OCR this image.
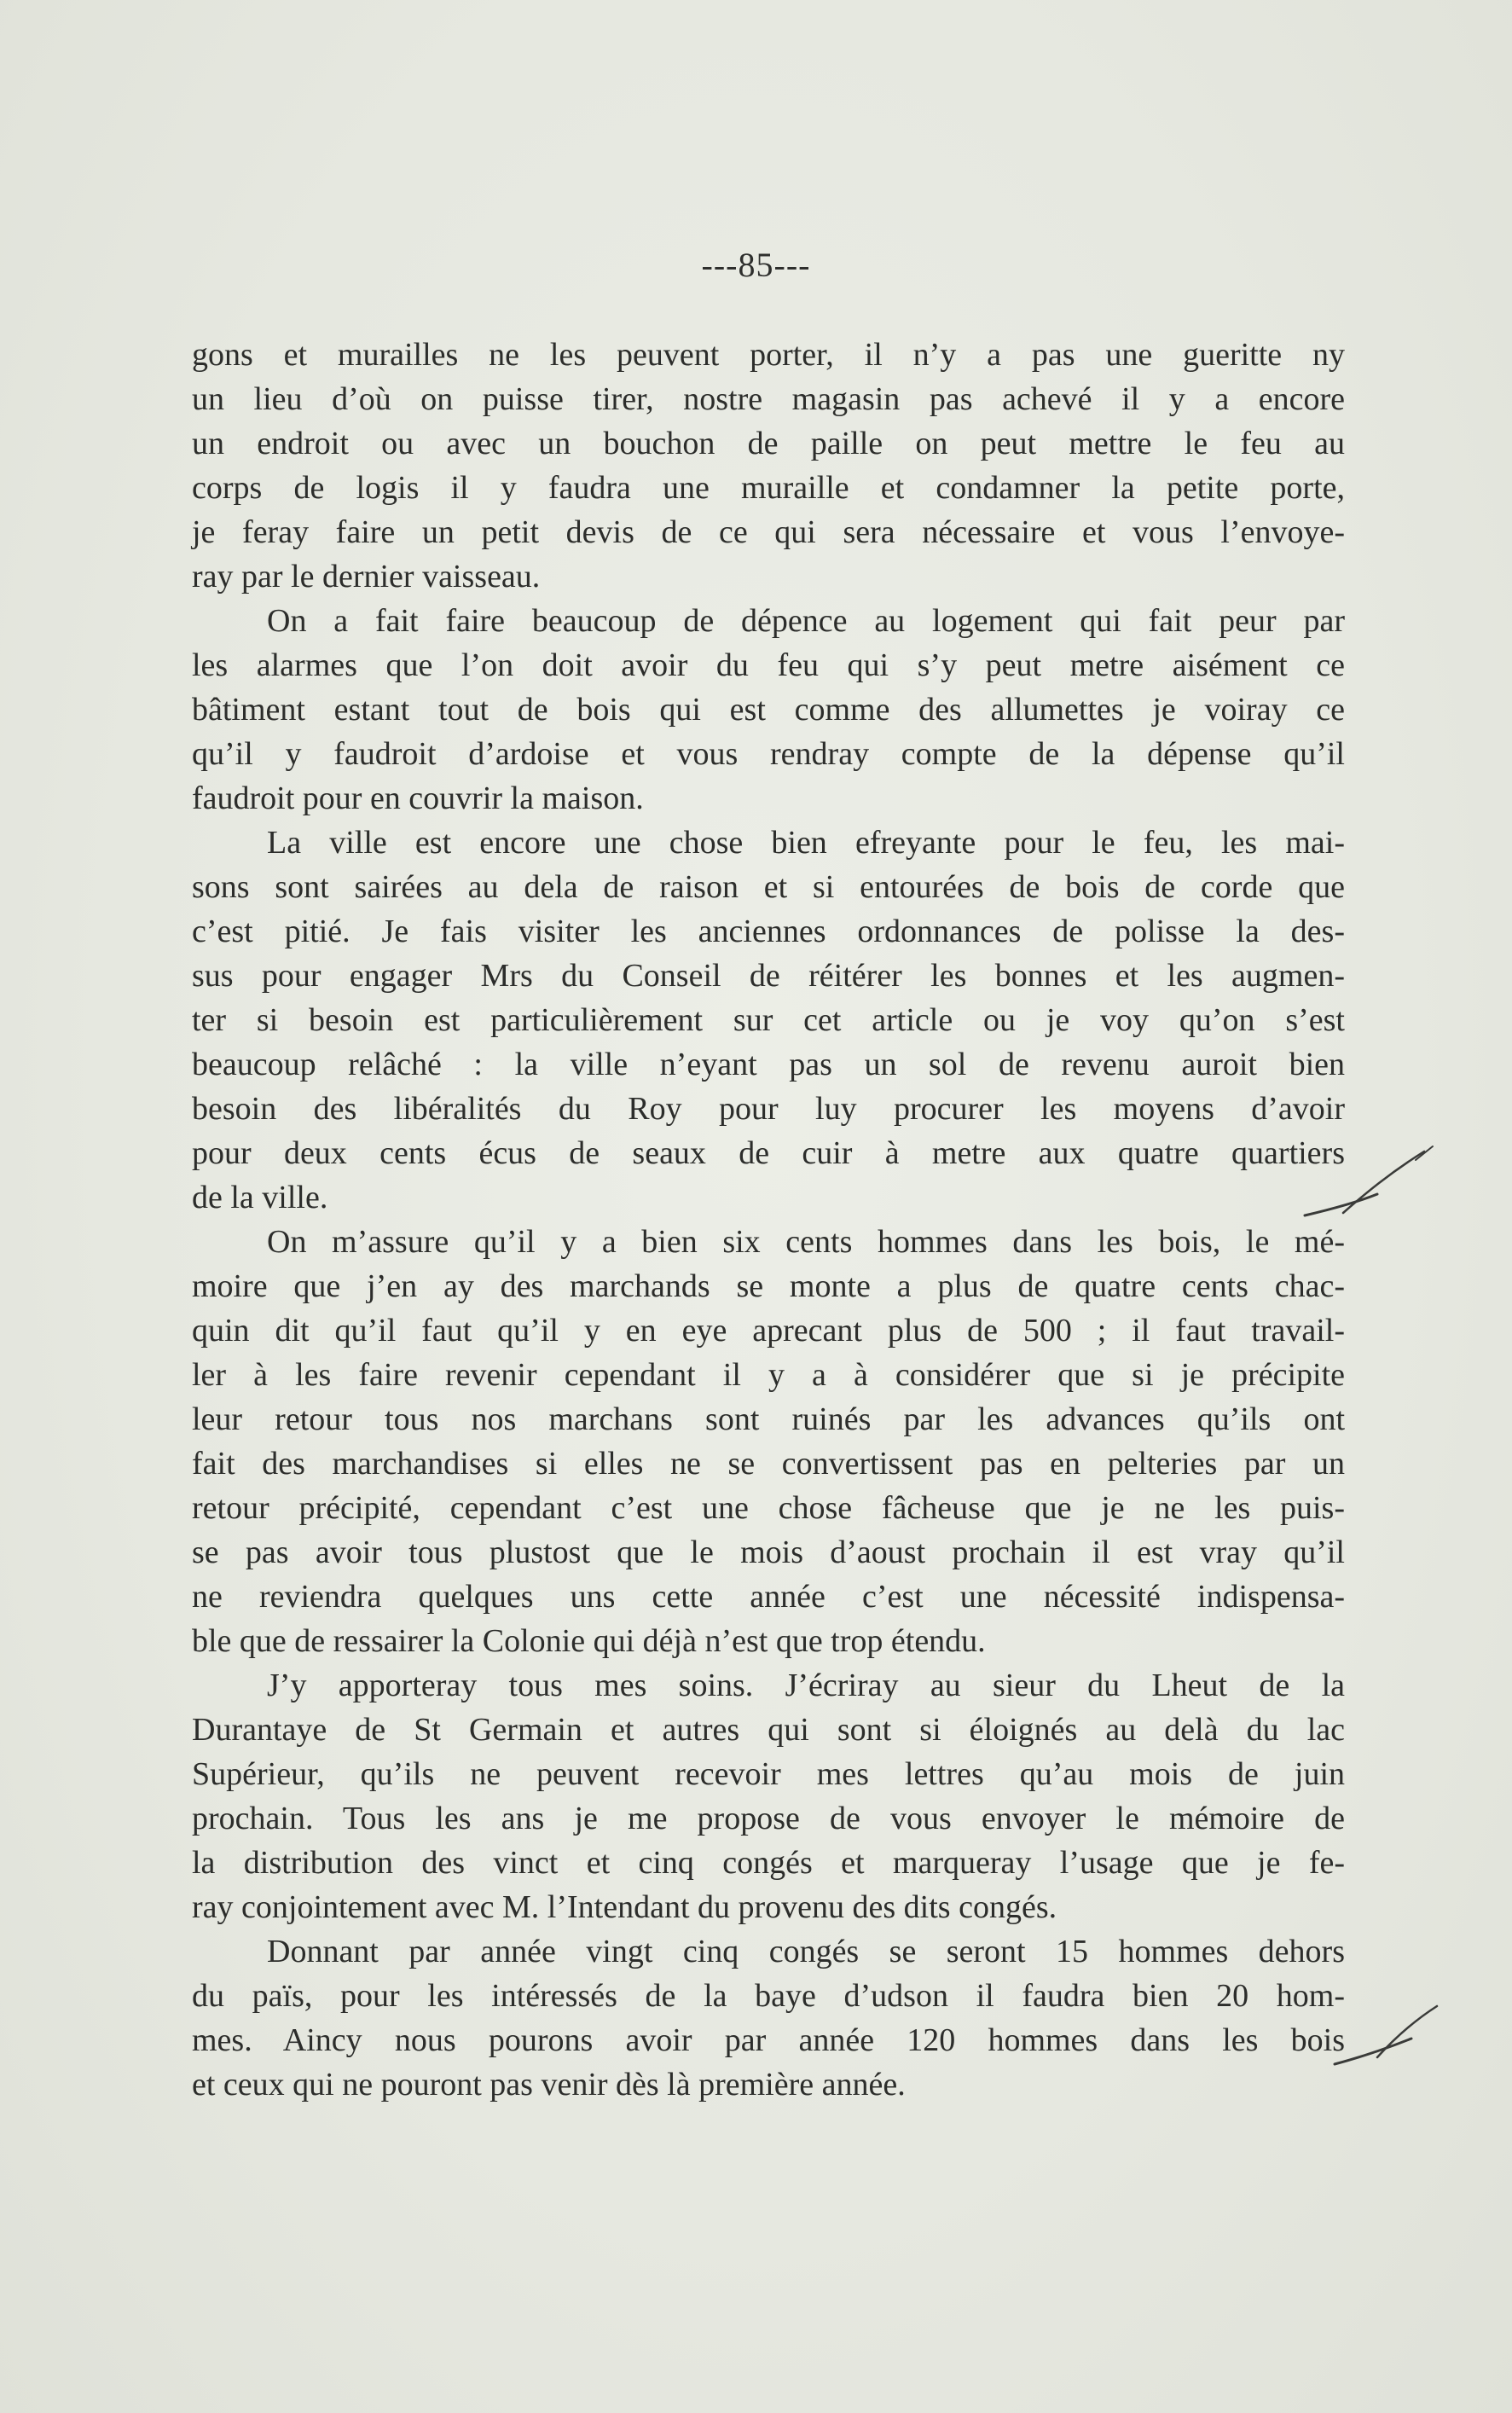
---85---
gons et murailles ne les peuvent porter, il n’y a pas une gueritte ny
un lieu d’où on puisse tirer, nostre magasin pas achevé il y a encore
un endroit ou avec un bouchon de paille on peut mettre le feu au
corps de logis il y faudra une muraille et condamner la petite porte,
je feray faire un petit devis de ce qui sera nécessaire et vous l’envoye-
ray par le dernier vaisseau.
On a fait faire beaucoup de dépence au logement qui fait peur par
les alarmes que l’on doit avoir du feu qui s’y peut metre aisément ce
bâtiment estant tout de bois qui est comme des allumettes je voiray ce
qu’il y faudroit d’ardoise et vous rendray compte de la dépense qu’il
faudroit pour en couvrir la maison.
La ville est encore une chose bien efreyante pour le feu, les mai-
sons sont sairées au dela de raison et si entourées de bois de corde que
c’est pitié. Je fais visiter les anciennes ordonnances de polisse la des-
sus pour engager Mrs du Conseil de réitérer les bonnes et les augmen-
ter si besoin est particulièrement sur cet article ou je voy qu’on s’est
beaucoup relâché : la ville n’eyant pas un sol de revenu auroit bien
besoin des libéralités du Roy pour luy procurer les moyens d’avoir
pour deux cents écus de seaux de cuir à metre aux quatre quartiers
de la ville.
On m’assure qu’il y a bien six cents hommes dans les bois, le mé-
moire que j’en ay des marchands se monte a plus de quatre cents chac-
quin dit qu’il faut qu’il y en eye aprecant plus de 500 ; il faut travail-
ler à les faire revenir cependant il y a à considérer que si je précipite
leur retour tous nos marchans sont ruinés par les advances qu’ils ont
fait des marchandises si elles ne se convertissent pas en pelteries par un
retour précipité, cependant c’est une chose fâcheuse que je ne les puis-
se pas avoir tous plustost que le mois d’aoust prochain il est vray qu’il
ne reviendra quelques uns cette année c’est une nécessité indispensa-
ble que de ressairer la Colonie qui déjà n’est que trop étendu.
J’y apporteray tous mes soins. J’écriray au sieur du Lheut de la
Durantaye de St Germain et autres qui sont si éloignés au delà du lac
Supérieur, qu’ils ne peuvent recevoir mes lettres qu’au mois de juin
prochain. Tous les ans je me propose de vous envoyer le mémoire de
la distribution des vinct et cinq congés et marqueray l’usage que je fe-
ray conjointement avec M. l’Intendant du provenu des dits congés.
Donnant par année vingt cinq congés se seront 15 hommes dehors
du païs, pour les intéressés de la baye d’udson il faudra bien 20 hom-
mes. Aincy nous pourons avoir par année 120 hommes dans les bois
et ceux qui ne pouront pas venir dès là première année.
